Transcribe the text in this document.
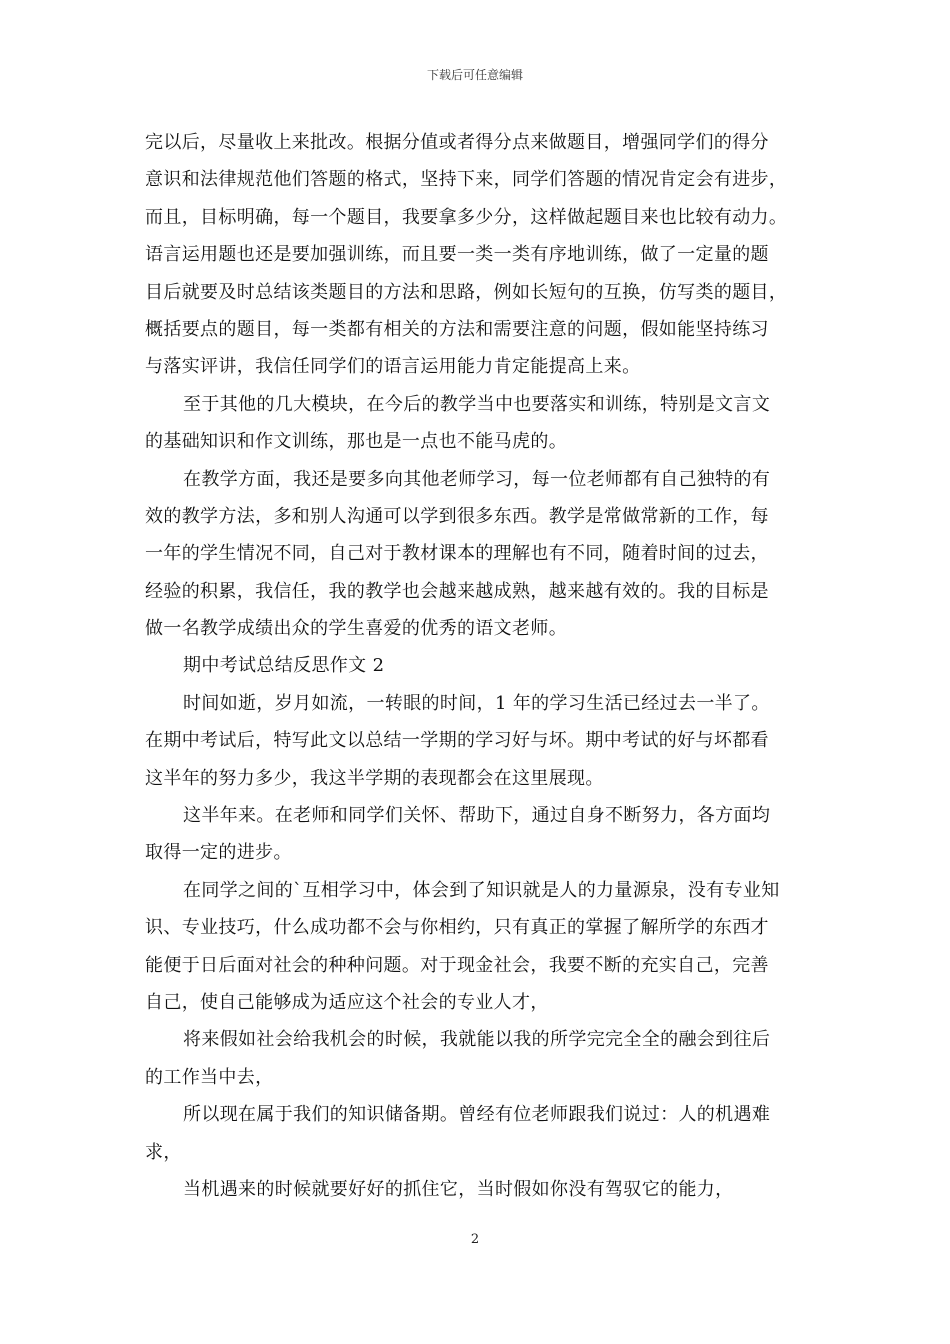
下载后可任意编辑
完以后，尽量收上来批改。根据分值或者得分点来做题目，增强同学们的得分
意识和法律规范他们答题的格式，坚持下来，同学们答题的情况肯定会有进步，
而且，目标明确，每一个题目，我要拿多少分，这样做起题目来也比较有动力。
语言运用题也还是要加强训练，而且要一类一类有序地训练，做了一定量的题
目后就要及时总结该类题目的方法和思路，例如长短句的互换，仿写类的题目，
概括要点的题目，每一类都有相关的方法和需要注意的问题，假如能坚持练习
与落实评讲，我信任同学们的语言运用能力肯定能提高上来。
至于其他的几大模块，在今后的教学当中也要落实和训练，特别是文言文
的基础知识和作文训练，那也是一点也不能马虎的。
在教学方面，我还是要多向其他老师学习，每一位老师都有自己独特的有
效的教学方法，多和别人沟通可以学到很多东西。教学是常做常新的工作，每
一年的学生情况不同，自己对于教材课本的理解也有不同，随着时间的过去，
经验的积累，我信任，我的教学也会越来越成熟，越来越有效的。我的目标是
做一名教学成绩出众的学生喜爱的优秀的语文老师。
期中考试总结反思作文 2
时间如逝，岁月如流，一转眼的时间，1 年的学习生活已经过去一半了。
在期中考试后，特写此文以总结一学期的学习好与坏。期中考试的好与坏都看
这半年的努力多少，我这半学期的表现都会在这里展现。
这半年来。在老师和同学们关怀、帮助下，通过自身不断努力，各方面均
取得一定的进步。
在同学之间的`互相学习中，体会到了知识就是人的力量源泉，没有专业知
识、专业技巧，什么成功都不会与你相约，只有真正的掌握了解所学的东西才
能便于日后面对社会的种种问题。对于现金社会，我要不断的充实自己，完善
自己，使自己能够成为适应这个社会的专业人才，
将来假如社会给我机会的时候，我就能以我的所学完完全全的融会到往后
的工作当中去，
所以现在属于我们的知识储备期。曾经有位老师跟我们说过：人的机遇难
求，
当机遇来的时候就要好好的抓住它，当时假如你没有驾驭它的能力，
2
